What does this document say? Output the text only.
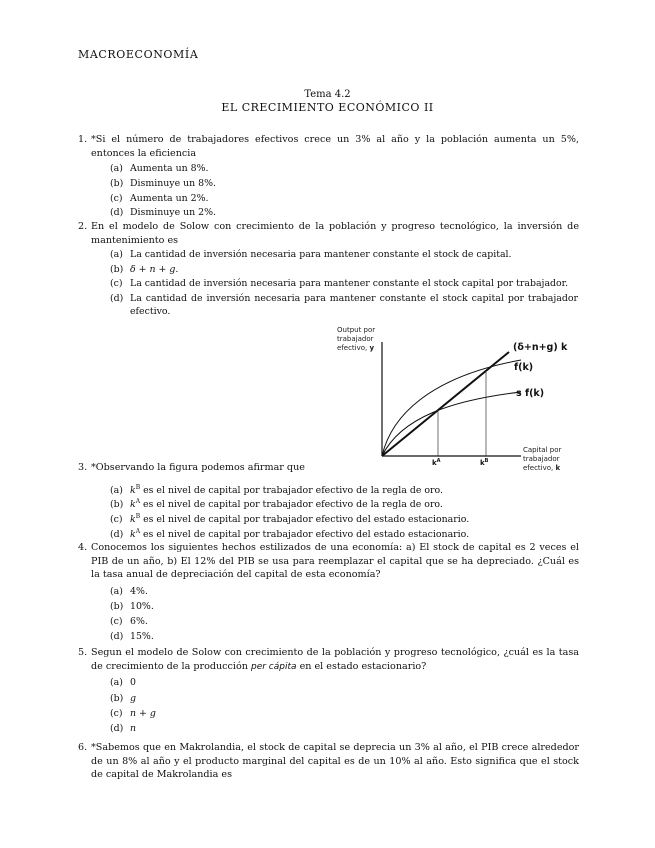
MACROECONOMÍA
Tema 4.2
EL CRECIMIENTO ECONÓMICO II
1. *Si el número de trabajadores efectivos crece un 3% al año y la población aumenta un 5%, entonces la eficiencia
(a) Aumenta un 8%.
(b) Disminuye un 8%.
(c) Aumenta un 2%.
(d) Disminuye un 2%.
2. En el modelo de Solow con crecimiento de la población y progreso tecnológico, la inversión de mantenimiento es
(a) La cantidad de inversión necesaria para mantener constante el stock de capital.
(b) δ + n + g.
(c) La cantidad de inversión necesaria para mantener constante el stock capital por trabajador.
(d) La cantidad de inversión necesaria para mantener constante el stock capital por trabajador efectivo.
Output por
trabajador
efectivo, y	(δ+n+g) k
f(k)
s f(k)
$k^A$	$k^B$
Capital por
trabajador
efectivo, k
3. *Observando la figura podemos afirmar que
(a) $k^B$ es el nivel de capital por trabajador efectivo de la regla de oro.
(b) $k^A$ es el nivel de capital por trabajador efectivo de la regla de oro.
(c) $k^B$ es el nivel de capital por trabajador efectivo del estado estacionario.
(d) $k^A$ es el nivel de capital por trabajador efectivo del estado estacionario.
4. Conocemos los siguientes hechos estilizados de una economía: a) El stock de capital es 2 veces el PIB de un año, b) El 12% del PIB se usa para reemplazar el capital que se ha depreciado. ¿Cuál es la tasa anual de depreciación del capital de esta economía?
(a) 4%.
(b) 10%.
(c) 6%.
(d) 15%.
5. Segun el modelo de Solow con crecimiento de la población y progreso tecnológico, ¿cuál es la tasa de crecimiento de la producción per cápita en el estado estacionario?
(a) 0
(b) g
(c) n + g
(d) n
6. *Sabemos que en Makrolandia, el stock de capital se deprecia un 3% al año, el PIB crece alrededor de un 8% al año y el producto marginal del capital es de un 10% al año. Esto significa que el stock de capital de Makrolandia es
